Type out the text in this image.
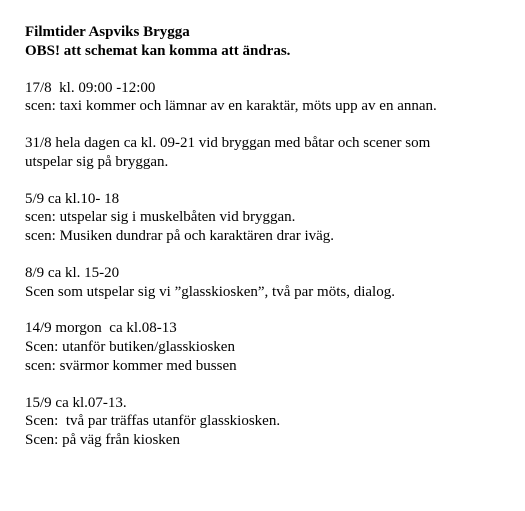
Filmtider Aspviks Brygga
OBS! att schemat kan komma att ändras.
17/8  kl. 09:00 -12:00
scen: taxi kommer och lämnar av en karaktär, möts upp av en annan.
31/8 hela dagen ca kl. 09-21 vid bryggan med båtar och scener som
utspelar sig på bryggan.
5/9 ca kl.10- 18
scen: utspelar sig i muskelbåten vid bryggan.
scen: Musiken dundrar på och karaktären drar iväg.
8/9 ca kl. 15-20
Scen som utspelar sig vi ”glasskiosken”, två par möts, dialog.
14/9 morgon  ca kl.08-13
Scen: utanför butiken/glasskiosken
scen: svärmor kommer med bussen
15/9 ca kl.07-13.
Scen:  två par träffas utanför glasskiosken.
Scen: på väg från kiosken
